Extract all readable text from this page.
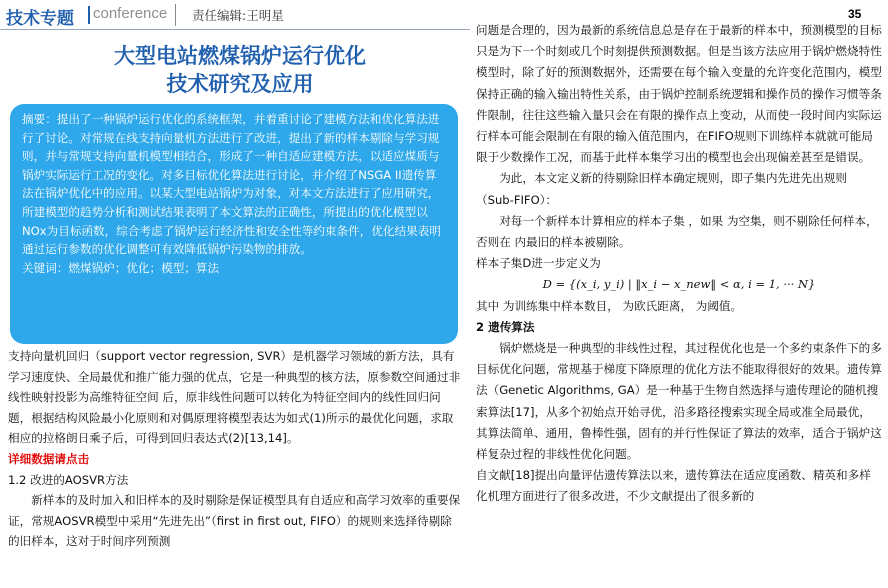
技术专题 conference 责任编辑:王明星	35
大型电站燃煤锅炉运行优化
技术研究及应用

摘要：提出了一种锅炉运行优化的系统框架，并着重讨论了建模方法和优化算法进行了讨论。对常规在线支持向量机方法进行了改进，提出了新的样本剔除与学习规则，并与常规支持向量机模型相结合，形成了一种自适应建模方法，以适应煤质与锅炉实际运行工况的变化。对多目标优化算法进行讨论，并介绍了NSGA II遗传算法在锅炉优化中的应用。以某大型电站锅炉为对象，对本文方法进行了应用研究，所建模型的趋势分析和测试结果表明了本文算法的正确性，所提出的优化模型以NOx为目标函数，综合考虑了锅炉运行经济性和安全性等约束条件，优化结果表明通过运行参数的优化调整可有效降低锅炉污染物的排放。

关键词：燃煤锅炉；优化；模型；算法

支持向量机回归（support vector regression, SVR）是机器学习领域的新方法，具有学习速度快、全局最优和推广能力强的优点，它是一种典型的核方法，原参数空间通过非线性映射投影为高维特征空间 后，原非线性问题可以转化为特征空间内的线性回归问题，根据结构风险最小化原则和对偶原理将模型表达为如式(1)所示的最优化问题，求取相应的拉格朗日乘子后，可得到回归表达式(2)[13,14]。

详细数据请点击

1.2 改进的AOSVR方法

新样本的及时加入和旧样本的及时剔除是保证模型具有自适应和高学习效率的重要保证，常规AOSVR模型中采用“先进先出”（first in first out, FIFO）的规则来选择待剔除的旧样本，这对于时间序列预测

问题是合理的，因为最新的系统信息总是存在于最新的样本中，预测模型的目标只是为下一个时刻或几个时刻提供预测数据。但是当该方法应用于锅炉燃烧特性模型时，除了好的预测数据外，还需要在每个输入变量的允许变化范围内，模型保持正确的输入输出特性关系，由于锅炉控制系统逻辑和操作员的操作习惯等条件限制，往往这些输入量只会在有限的操作点上变动，从而使一段时间内实际运行样本可能会限制在有限的输入值范围内，在FIFO规则下训练样本就就可能局限于少数操作工况，而基于此样本集学习出的模型也会出现偏差甚至是错误。

为此，本文定义新的待剔除旧样本确定规则，即子集内先进先出规则（Sub-FIFO）：

对每一个新样本计算相应的样本子集 ，如果 为空集，则不剔除任何样本，否则在 内最旧的样本被剔除。

样本子集D进一步定义为

D = {(x_i, y_i) | ‖x_i − x_new‖ < α, i = 1, ··· N}

其中 为训练集中样本数目， 为欧氏距离， 为阈值。

2 遗传算法

锅炉燃烧是一种典型的非线性过程，其过程优化也是一个多约束条件下的多目标优化问题，常规基于梯度下降原理的优化方法不能取得很好的效果。遗传算法（Genetic Algorithms, GA）是一种基于生物自然选择与遗传理论的随机搜索算法[17]，从多个初始点开始寻优，沿多路径搜索实现全局或准全局最优，其算法简单、通用，鲁棒性强，固有的并行性保证了算法的效率，适合于锅炉这样复杂过程的非线性优化问题。

自文献[18]提出向量评估遗传算法以来，遗传算法在适应度函数、精英和多样化机理方面进行了很多改进，不少文献提出了很多新的
